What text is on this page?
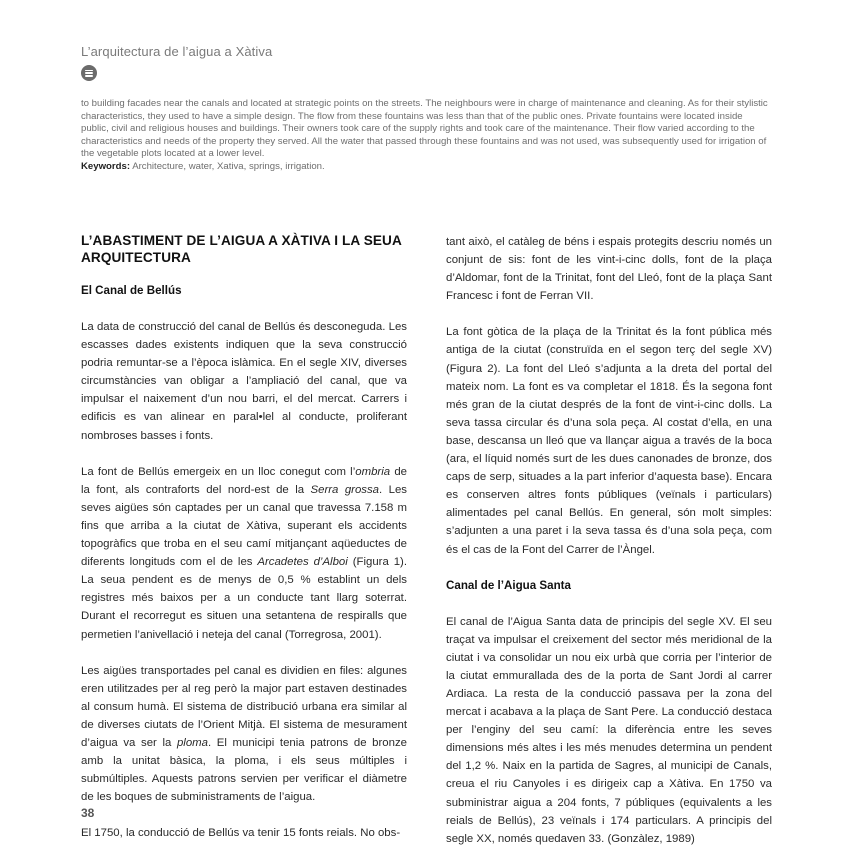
L’arquitectura de l’aigua a Xàtiva
to building facades near the canals and located at strategic points on the streets. The neighbours were in charge of maintenance and cleaning. As for their stylistic characteristics, they used to have a simple design. The flow from these fountains was less than that of the public ones. Private fountains were located inside public, civil and religious houses and buildings. Their owners took care of the supply rights and took care of the maintenance. Their flow varied according to the characteristics and needs of the property they served. All the water that passed through these fountains and was not used, was subsequently used for irrigation of the vegetable plots located at a lower level.
Keywords: Architecture, water, Xativa, springs, irrigation.
L’ABASTIMENT DE L’AIGUA A XÀTIVA I LA SEUA ARQUITECTURA
El Canal de Bellús

La data de construcció del canal de Bellús és desconeguda. Les escasses dades existents indiquen que la seva construcció podria remuntar-se a l’època islàmica. En el segle XIV, diverses circumstàncies van obligar a l’ampliació del canal, que va impulsar el naixement d’un nou barri, el del mercat. Carrers i edificis es van alinear en paral•lel al conducte, proliferant nombroses basses i fonts.

La font de Bellús emergeix en un lloc conegut com l’ombria de la font, als contraforts del nord-est de la Serra grossa. Les seves aigües són captades per un canal que travessa 7.158 m fins que arriba a la ciutat de Xàtiva, superant els accidents topogràfics que troba en el seu camí mitjançant aqüeductes de diferents longituds com el de les Arcadetes d’Alboi (Figura 1). La seua pendent es de menys de 0,5 % establint un dels registres més baixos per a un conducte tant llarg soterrat. Durant el recorregut es situen una setantena de respiralls que permetien l’anivellació i neteja del canal (Torregrosa, 2001).

Les aigües transportades pel canal es dividien en files: algunes eren utilitzades per al reg però la major part estaven destinades al consum humà. El sistema de distribució urbana era similar al de diverses ciutats de l’Orient Mitjà. El sistema de mesurament d’aigua va ser la ploma. El municipi tenia patrons de bronze amb la unitat bàsica, la ploma, i els seus múltiples i submúltiples. Aquests patrons servien per verificar el diàmetre de les boques de subministraments de l’aigua.

El 1750, la conducció de Bellús va tenir 15 fonts reials. No obs-

tant això, el catàleg de béns i espais protegits descriu només un conjunt de sis: font de les vint-i-cinc dolls, font de la plaça d’Aldomar, font de la Trinitat, font del Lleó, font de la plaça Sant Francesc i font de Ferran VII.

La font gòtica de la plaça de la Trinitat és la font pública més antiga de la ciutat (construïda en el segon terç del segle XV) (Figura 2). La font del Lleó s’adjunta a la dreta del portal del mateix nom. La font es va completar el 1818. És la segona font més gran de la ciutat després de la font de vint-i-cinc dolls. La seva tassa circular és d’una sola peça. Al costat d’ella, en una base, descansa un lleó que va llançar aigua a través de la boca (ara, el líquid només surt de les dues canonades de bronze, dos caps de serp, situades a la part inferior d’aquesta base). Encara es conserven altres fonts públiques (veïnals i particulars) alimentades pel canal Bellús. En general, són molt simples: s’adjunten a una paret i la seva tassa és d’una sola peça, com és el cas de la Font del Carrer de l’Àngel.

Canal de l’Aigua Santa

El canal de l’Aigua Santa data de principis del segle XV. El seu traçat va impulsar el creixement del sector més meridional de la ciutat i va consolidar un nou eix urbà que corria per l’interior de la ciutat emmurallada des de la porta de Sant Jordi al carrer Ardiaca. La resta de la conducció passava per la zona del mercat i acabava a la plaça de Sant Pere. La conducció destaca per l’enginy del seu camí: la diferència entre les seves dimensions més altes i les més menudes determina un pendent del 1,2 %. Naix en la partida de Sagres, al municipi de Canals, creua el riu Canyoles i es dirigeix cap a Xàtiva. En 1750 va subministrar aigua a 204 fonts, 7 públiques (equivalents a les reials de Bellús), 23 veïnals i 174 particulars. A principis del segle XX, només quedaven 33. (Gonzàlez, 1989)

38
